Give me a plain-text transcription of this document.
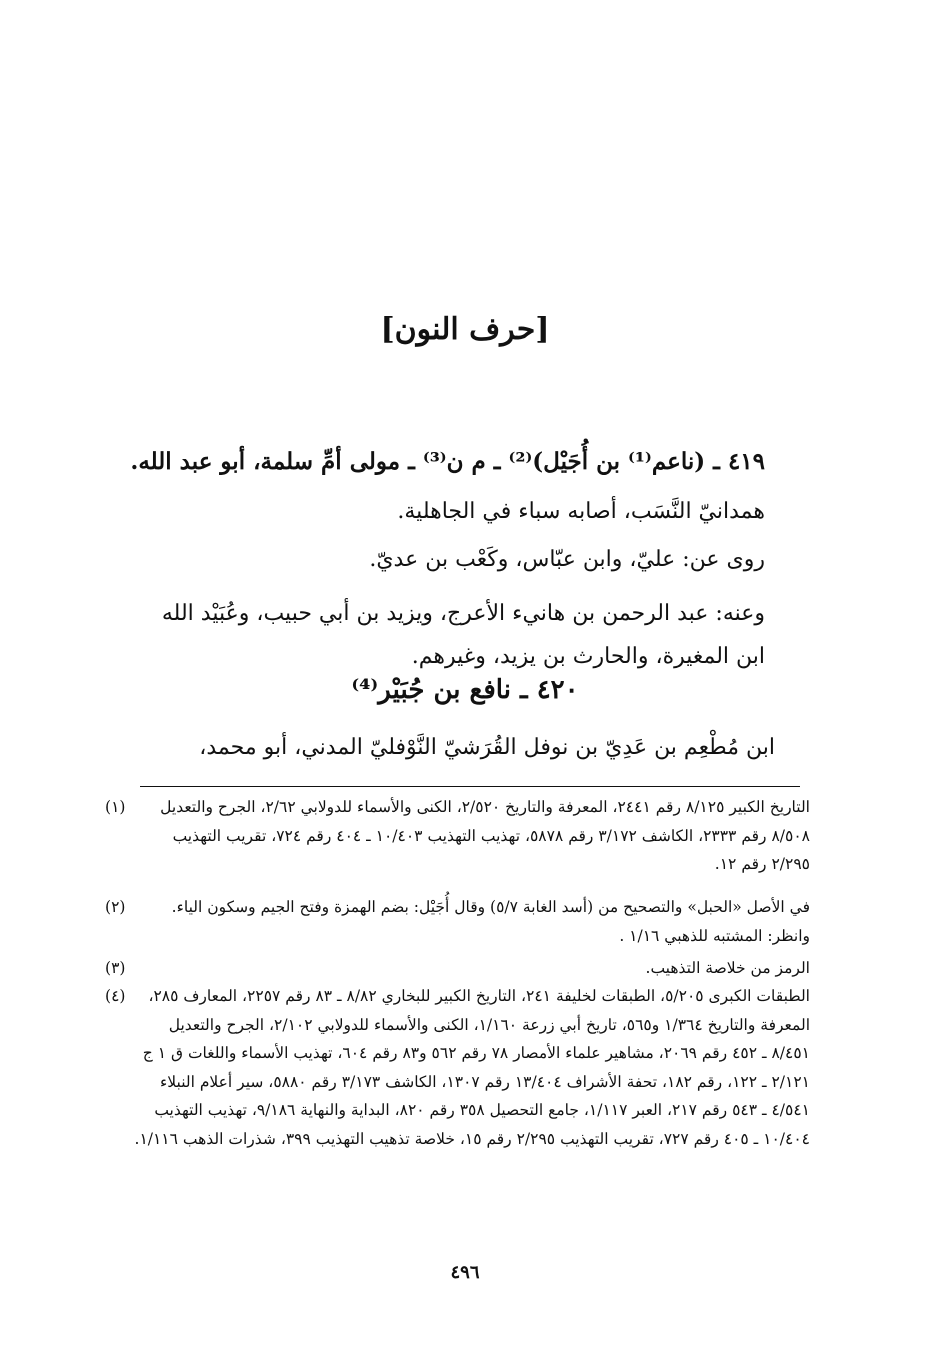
[حرف النون]
٤١٩ ـ (ناعم⁽¹⁾ بن أُجَيْل)⁽²⁾ ـ م ن⁽³⁾ ـ مولى أمِّ سلمة، أبو عبد الله.
همدانيّ النَّسَب، أصابه سباء في الجاهلية.
روى عن: عليّ، وابن عبّاس، وكَعْب بن عديّ.
وعنه: عبد الرحمن بن هانيء الأعرج، ويزيد بن أبي حبيب، وعُبَيْد الله
ابن المغيرة، والحارث بن يزيد، وغيرهم.
٤٢٠ ـ نافع بن جُبَيْر⁽⁴⁾
ابن مُطْعِم بن عَدِيّ بن نوفل القُرَشيّ النَّوْفليّ المدني، أبو محمد،
(١)	التاريخ الكبير ٨/١٢٥ رقم ٢٤٤١، المعرفة والتاريخ ٢/٥٢٠، الكنى والأسماء للدولابي ٢/٦٢، الجرح والتعديل ٨/٥٠٨ رقم ٢٣٣٣، الكاشف ٣/١٧٢ رقم ٥٨٧٨، تهذيب التهذيب ١٠/٤٠٣ ـ ٤٠٤ رقم ٧٢٤، تقريب التهذيب ٢/٢٩٥ رقم ١٢.
(٢)	في الأصل «الحبل» والتصحيح من (أسد الغابة ٥/٧) وقال أُجَيْل: بضم الهمزة وفتح الجيم وسكون الياء. وانظر: المشتبه للذهبي ١/١٦ .
(٣)	الرمز من خلاصة التذهيب.
(٤)	الطبقات الكبرى ٥/٢٠٥، الطبقات لخليفة ٢٤١، التاريخ الكبير للبخاري ٨/٨٢ ـ ٨٣ رقم ٢٢٥٧، المعارف ٢٨٥، المعرفة والتاريخ ١/٣٦٤ و٥٦٥، تاريخ أبي زرعة ١/١٦٠، الكنى والأسماء للدولابي ٢/١٠٢، الجرح والتعديل ٨/٤٥١ ـ ٤٥٢ رقم ٢٠٦٩، مشاهير علماء الأمصار ٧٨ رقم ٥٦٢ و٨٣ رقم ٦٠٤، تهذيب الأسماء واللغات ق ١ ج ٢/١٢١ ـ ١٢٢، رقم ١٨٢، تحفة الأشراف ١٣/٤٠٤ رقم ١٣٠٧، الكاشف ٣/١٧٣ رقم ٥٨٨٠، سير أعلام النبلاء ٤/٥٤١ ـ ٥٤٣ رقم ٢١٧، العبر ١/١١٧، جامع التحصيل ٣٥٨ رقم ٨٢٠، البداية والنهاية ٩/١٨٦، تهذيب التهذيب ١٠/٤٠٤ ـ ٤٠٥ رقم ٧٢٧، تقريب التهذيب ٢/٢٩٥ رقم ١٥، خلاصة تذهيب التهذيب ٣٩٩، شذرات الذهب ١/١١٦.
٤٩٦
